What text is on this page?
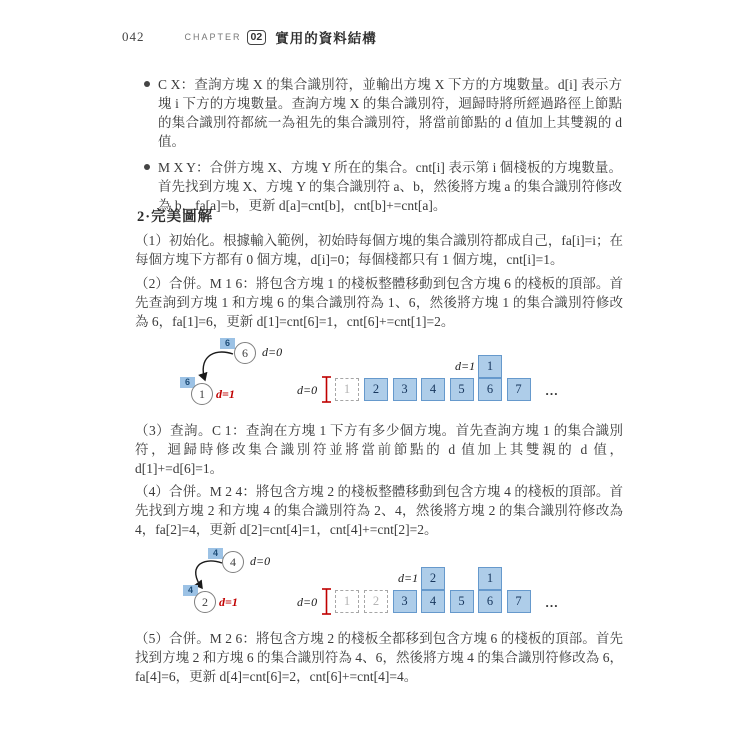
042	CHAPTER 02 實用的資料結構
C X：查詢方塊 X 的集合識別符，並輸出方塊 X 下方的方塊數量。d[i] 表示方塊 i 下方的方塊數量。查詢方塊 X 的集合識別符，迴歸時將所經過路徑上節點的集合識別符都統一為祖先的集合識別符，將當前節點的 d 值加上其雙親的 d 值。
M X Y：合併方塊 X、方塊 Y 所在的集合。cnt[i] 表示第 i 個棧板的方塊數量。首先找到方塊 X、方塊 Y 的集合識別符 a、b，然後將方塊 a 的集合識別符修改為 b，fa[a]=b，更新 d[a]=cnt[b]，cnt[b]+=cnt[a]。
2·完美圖解
（1）初始化。根據輸入範例，初始時每個方塊的集合識別符都成自己，fa[i]=i；在每個方塊下方都有 0 個方塊，d[i]=0；每個棧都只有 1 個方塊，cnt[i]=1。
（2）合併。M 1 6：將包含方塊 1 的棧板整體移動到包含方塊 6 的棧板的頂部。首先查詢到方塊 1 和方塊 6 的集合識別符為 1、6，然後將方塊 1 的集合識別符修改為 6，fa[1]=6，更新 d[1]=cnt[6]=1，cnt[6]+=cnt[1]=2。
6
6	d=0
6
1 d=1	d=0	1	2	3	4	5	6	7
d=1 1
…
（3）查詢。C 1：查詢在方塊 1 下方有多少個方塊。首先查詢方塊 1 的集合識別符，迴歸時修改集合識別符並將當前節點的 d 值加上其雙親的 d 值，d[1]+=d[6]=1。
（4）合併。M 2 4：將包含方塊 2 的棧板整體移動到包含方塊 4 的棧板的頂部。首先找到方塊 2 和方塊 4 的集合識別符為 2、4，然後將方塊 2 的集合識別符修改為 4，fa[2]=4，更新 d[2]=cnt[4]=1，cnt[4]+=cnt[2]=2。
4
4	d=0
4
2 d=1	d=0	1	2	3	4	5	6	7
d=1 2	1
…
（5）合併。M 2 6：將包含方塊 2 的棧板全都移到包含方塊 6 的棧板的頂部。首先找到方塊 2 和方塊 6 的集合識別符為 4、6，然後將方塊 4 的集合識別符修改為 6，fa[4]=6，更新 d[4]=cnt[6]=2，cnt[6]+=cnt[4]=4。
